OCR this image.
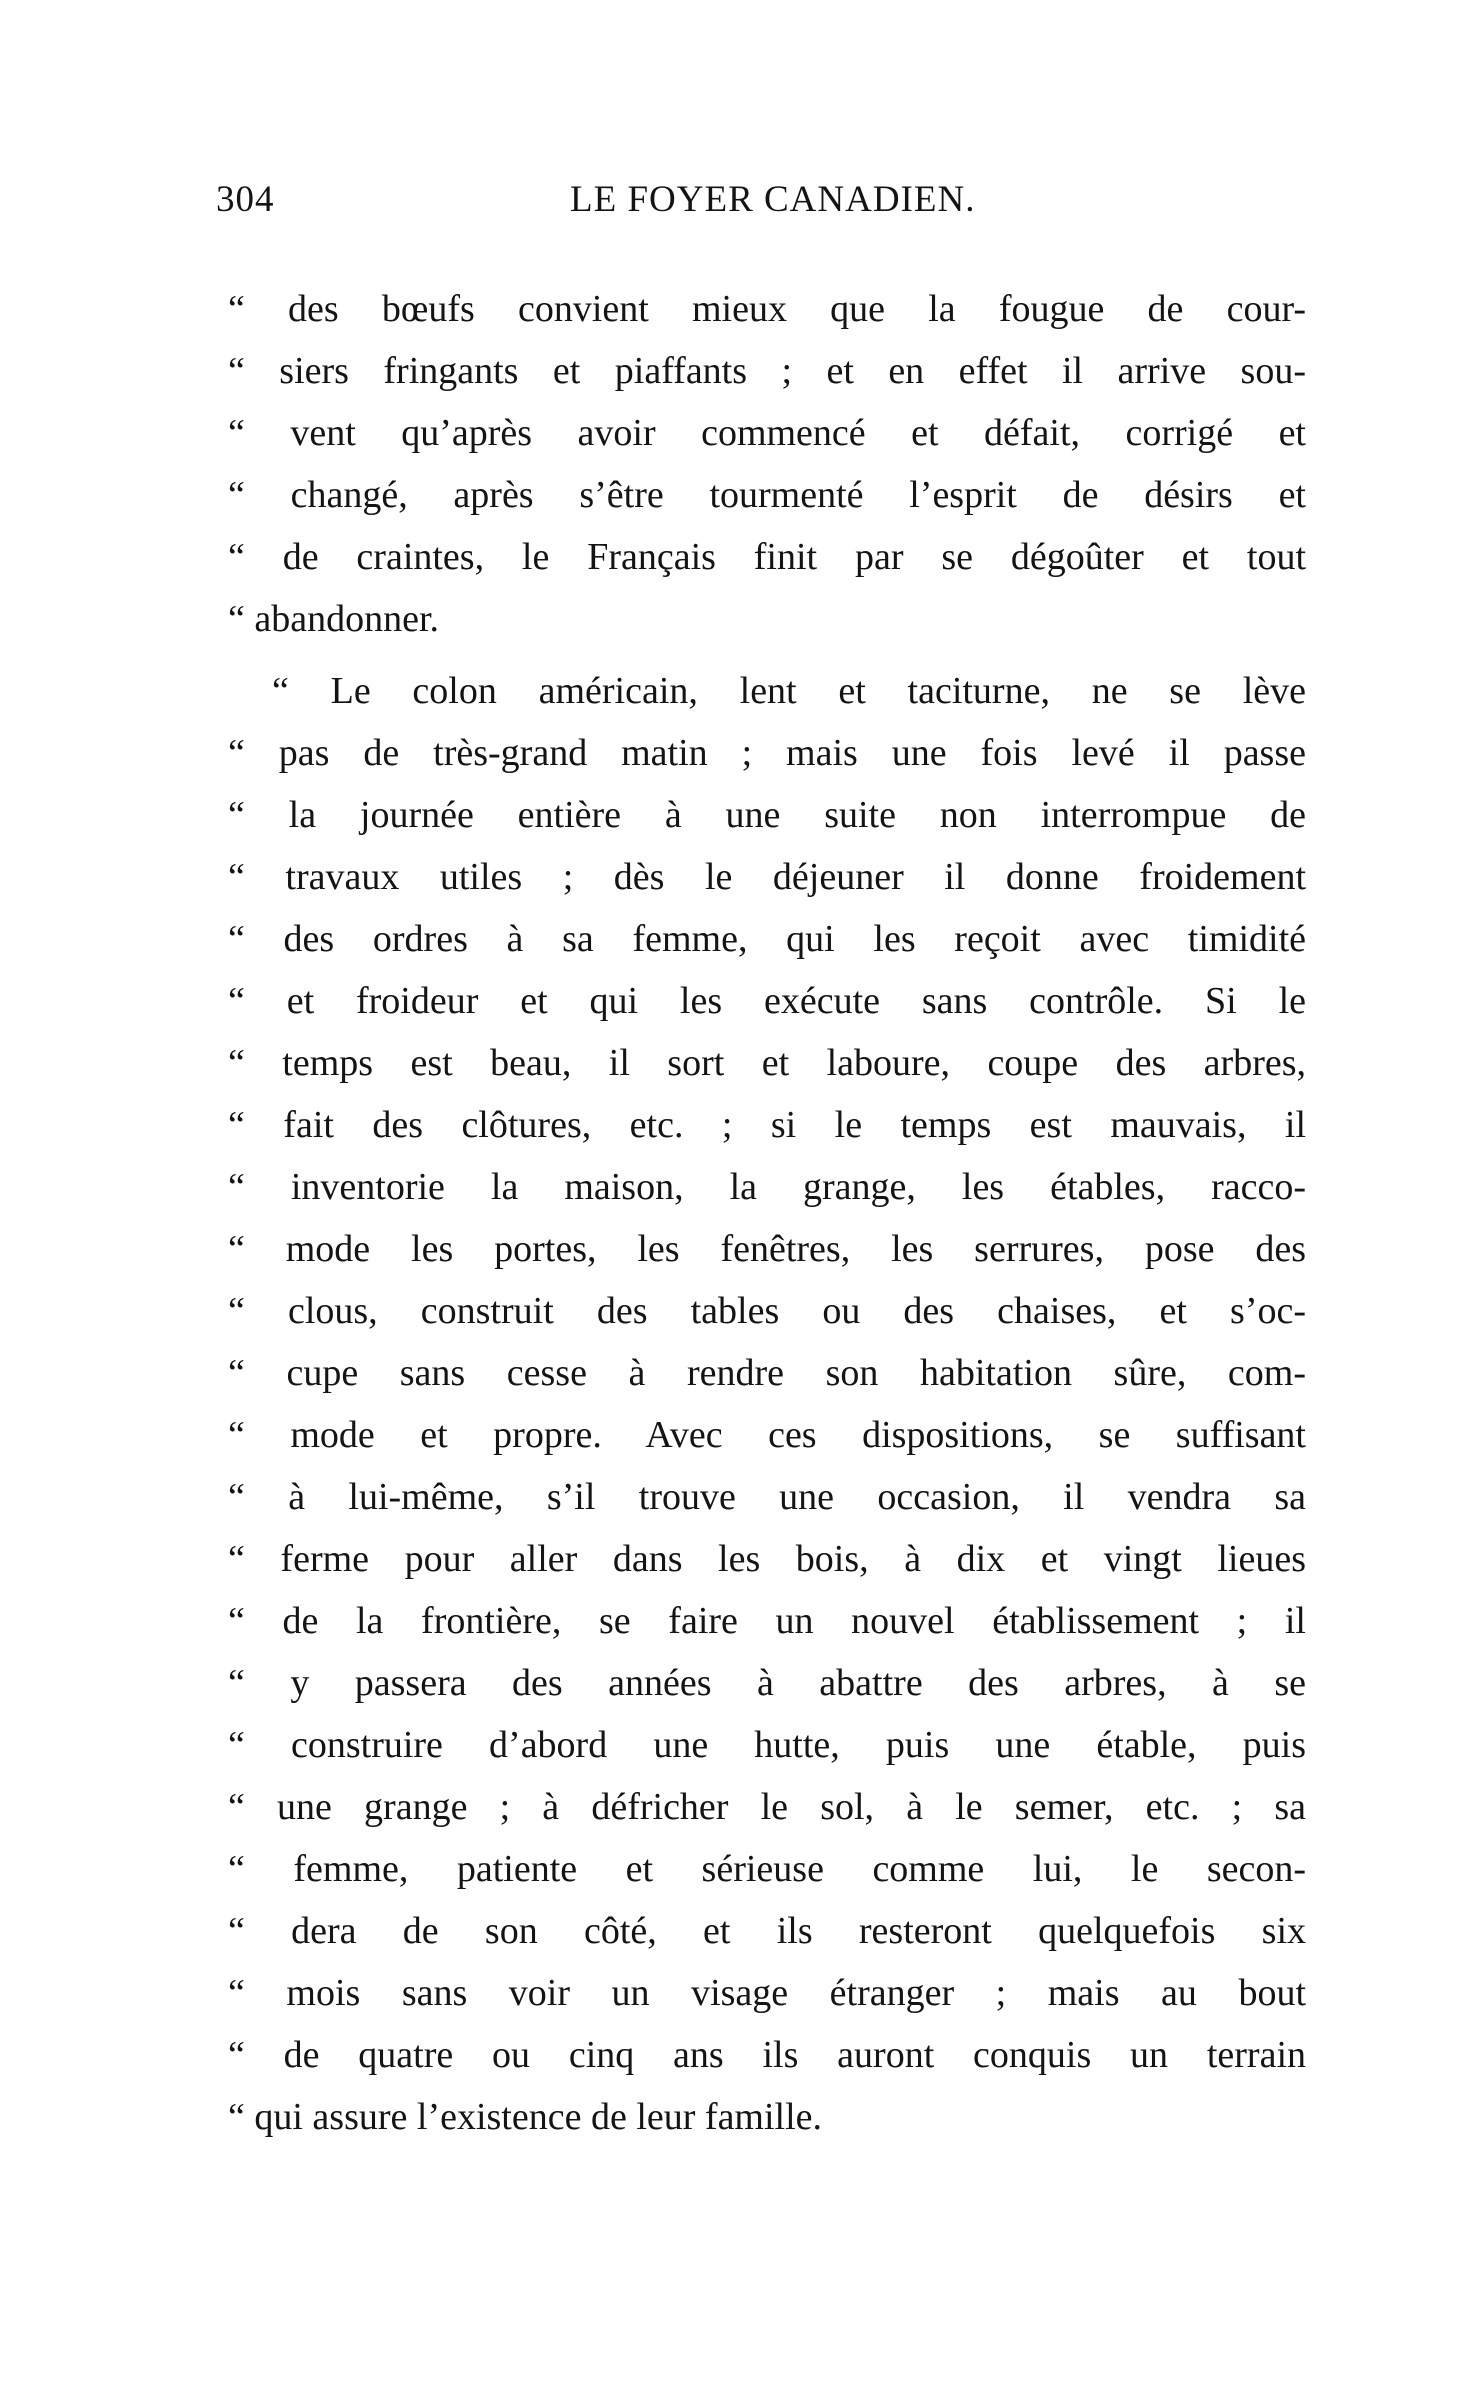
304	LE FOYER CANADIEN.
“ des bœufs convient mieux que la fougue de cour-
“ siers fringants et piaffants ; et en effet il arrive sou-
“ vent qu’après avoir commencé et défait, corrigé et
“ changé, après s’être tourmenté l’esprit de désirs et
“ de craintes, le Français finit par se dégoûter et tout
“ abandonner.
“ Le colon américain, lent et taciturne, ne se lève
“ pas de très-grand matin ; mais une fois levé il passe
“ la journée entière à une suite non interrompue de
“ travaux utiles ; dès le déjeuner il donne froidement
“ des ordres à sa femme, qui les reçoit avec timidité
“ et froideur et qui les exécute sans contrôle. Si le
“ temps est beau, il sort et laboure, coupe des arbres,
“ fait des clôtures, etc. ; si le temps est mauvais, il
“ inventorie la maison, la grange, les étables, racco-
“ mode les portes, les fenêtres, les serrures, pose des
“ clous, construit des tables ou des chaises, et s’oc-
“ cupe sans cesse à rendre son habitation sûre, com-
“ mode et propre. Avec ces dispositions, se suffisant
“ à lui-même, s’il trouve une occasion, il vendra sa
“ ferme pour aller dans les bois, à dix et vingt lieues
“ de la frontière, se faire un nouvel établissement ; il
“ y passera des années à abattre des arbres, à se
“ construire d’abord une hutte, puis une étable, puis
“ une grange ; à défricher le sol, à le semer, etc. ; sa
“ femme, patiente et sérieuse comme lui, le secon-
“ dera de son côté, et ils resteront quelquefois six
“ mois sans voir un visage étranger ; mais au bout
“ de quatre ou cinq ans ils auront conquis un terrain
“ qui assure l’existence de leur famille.
